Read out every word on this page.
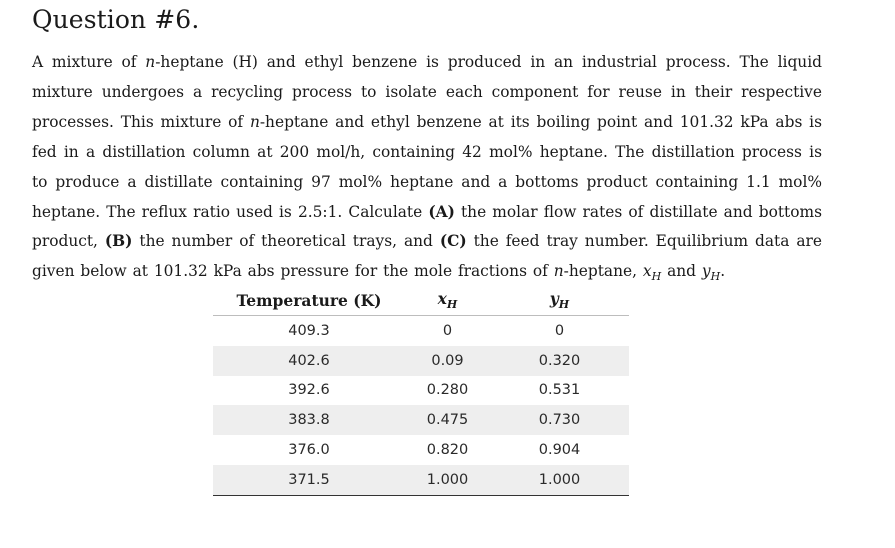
Question #6.

A mixture of n-heptane (H) and ethyl benzene is produced in an industrial process. The liquid mixture undergoes a recycling process to isolate each component for reuse in their respective processes. This mixture of n-heptane and ethyl benzene at its boiling point and 101.32 kPa abs is fed in a distillation column at 200 mol/h, containing 42 mol% heptane. The distillation process is to produce a distillate containing 97 mol% heptane and a bottoms product containing 1.1 mol% heptane. The reflux ratio used is 2.5:1. Calculate (A) the molar flow rates of distillate and bottoms product, (B) the number of theoretical trays, and (C) the feed tray number. Equilibrium data are given below at 101.32 kPa abs pressure for the mole fractions of n-heptane, $x_H$ and $y_H$.

Temperature (K)	$x_H$	$y_H$
409.3	0	0
402.6	0.09	0.320
392.6	0.280	0.531
383.8	0.475	0.730
376.0	0.820	0.904
371.5	1.000	1.000
